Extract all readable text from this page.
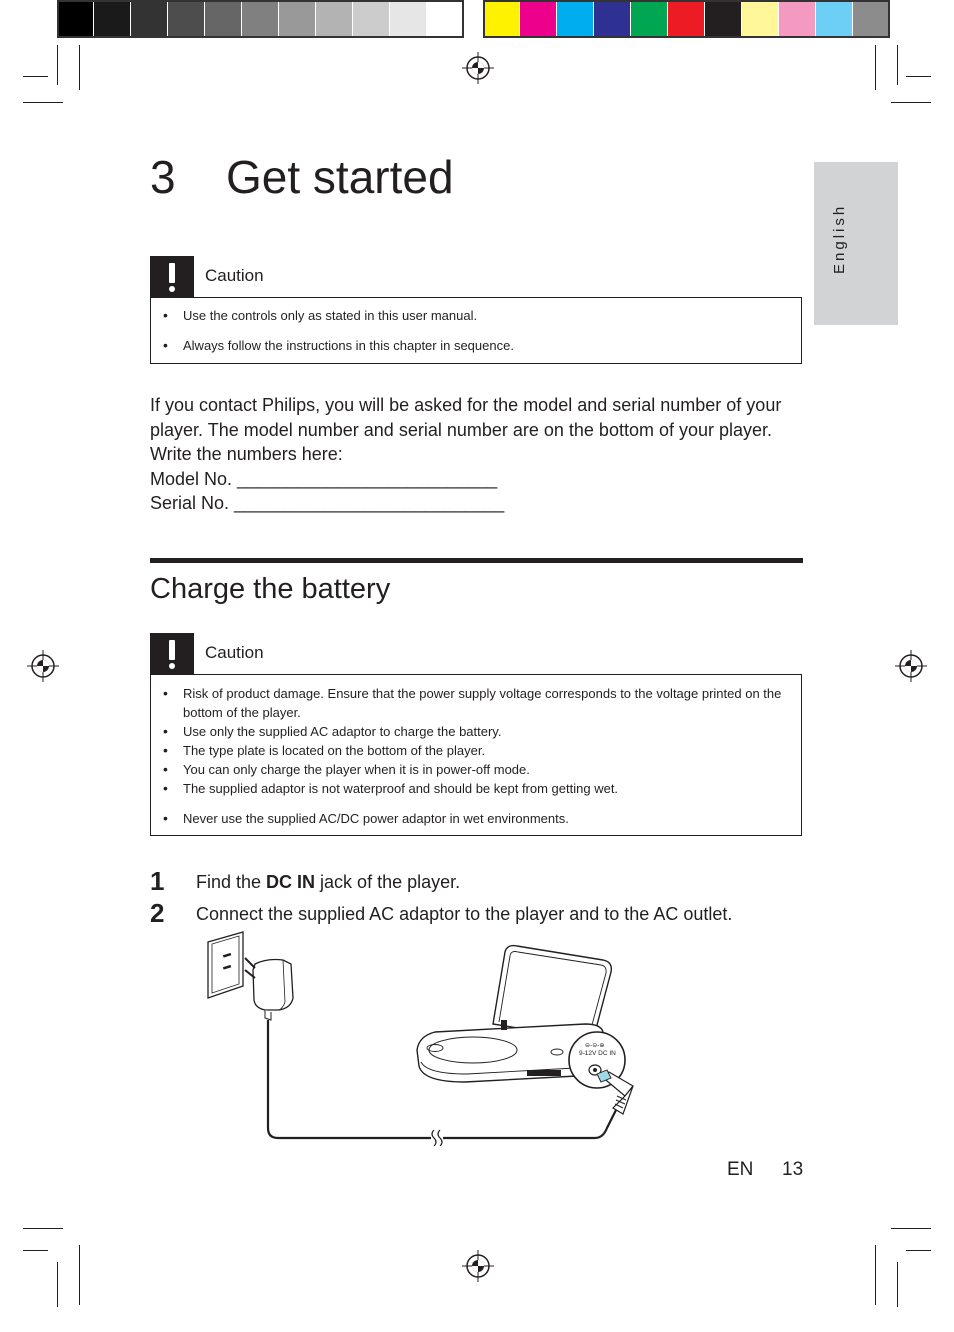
English
3 Get started
Caution
• Use the controls only as stated in this user manual.
• Always follow the instructions in this chapter in sequence.
If you contact Philips, you will be asked for the model and serial number of your
player. The model number and serial number are on the bottom of your player.
Write the numbers here:
Model No. __________________________
Serial No. ___________________________
Charge the battery
Caution
• Risk of product damage. Ensure that the power supply voltage corresponds to the voltage printed on the bottom of the player.
• Use only the supplied AC adaptor to charge the battery.
• The type plate is located on the bottom of the player.
• You can only charge the player when it is in power-off mode.
• The supplied adaptor is not waterproof and should be kept from getting wet.
• Never use the supplied AC/DC power adaptor in wet environments.
1 Find the DC IN jack of the player.
2 Connect the supplied AC adaptor to the player and to the AC outlet.
9-12V DC IN
⊖-⊝-⊕
EN 13
